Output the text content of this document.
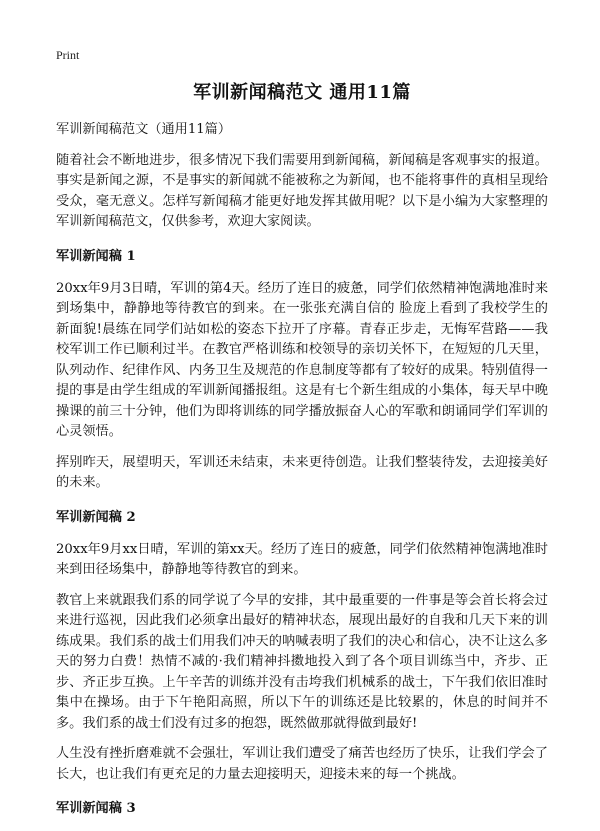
Print
军训新闻稿范文 通用11篇

军训新闻稿范文（通用11篇）

随着社会不断地进步，很多情况下我们需要用到新闻稿，新闻稿是客观事实的报道。事实是新闻之源，不是事实的新闻就不能被称之为新闻，也不能将事件的真相呈现给受众，毫无意义。怎样写新闻稿才能更好地发挥其做用呢？以下是小编为大家整理的军训新闻稿范文，仅供参考，欢迎大家阅读。

军训新闻稿 1

20xx年9月3日晴，军训的第4天。经历了连日的疲惫，同学们依然精神饱满地准时来到场集中，静静地等待教官的到来。在一张张充满自信的 脸庞上看到了我校学生的新面貌!晨练在同学们站如松的姿态下拉开了序幕。青春正步走，无悔军营路——我校军训工作已顺利过半。在教官严格训练和校领导的亲切关怀下，在短短的几天里，队列动作、纪律作风、内务卫生及规范的作息制度等都有了较好的成果。特别值得一提的事是由学生组成的军训新闻播报组。这是有七个新生组成的小集体，每天早中晚操课的前三十分钟，他们为即将训练的同学播放振奋人心的军歌和朗诵同学们军训的心灵领悟。

挥别昨天，展望明天，军训还未结束，未来更待创造。让我们整装待发，去迎接美好的未来。

军训新闻稿 2

20xx年9月xx日晴，军训的第xx天。经历了连日的疲惫，同学们依然精神饱满地准时来到田径场集中，静静地等待教官的到来。

教官上来就跟我们系的同学说了今早的安排，其中最重要的一件事是等会首长将会过来进行巡视，因此我们必须拿出最好的精神状态，展现出最好的自我和几天下来的训练成果。我们系的战士们用我们冲天的呐喊表明了我们的决心和信心，决不让这么多天的努力白费！热情不减的·我们精神抖擞地投入到了各个项目训练当中，齐步、正步、齐正步互换。上午辛苦的训练并没有击垮我们机械系的战士，下午我们依旧准时集中在操场。由于下午艳阳高照，所以下午的训练还是比较累的，休息的时间并不多。我们系的战士们没有过多的抱怨，既然做那就得做到最好!

人生没有挫折磨难就不会强壮，军训让我们遭受了痛苦也经历了快乐，让我们学会了长大，也让我们有更充足的力量去迎接明天，迎接未来的每一个挑战。

军训新闻稿 3
